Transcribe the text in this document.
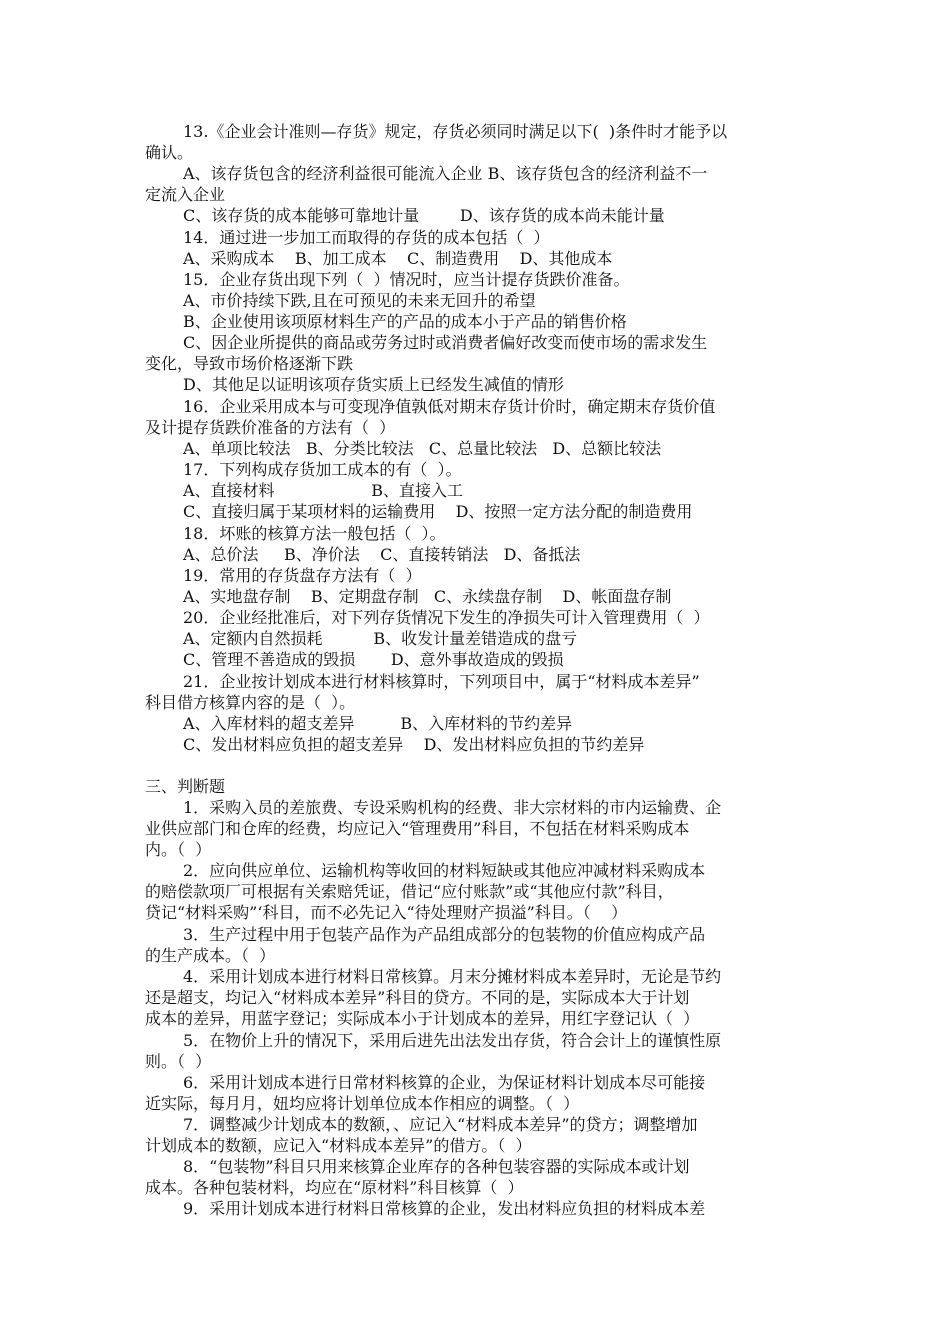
13.《企业会计准则—存货》规定，存货必须同时满足以下(  )条件时才能予以
确认。
A、该存货包含的经济利益很可能流入企业 B、该存货包含的经济利益不一
定流入企业
C、该存货的成本能够可靠地计量        D、该存货的成本尚未能计量
14．通过进一步加工而取得的存货的成本包括（  ）
A、采购成本    B、加工成本    C、制造费用    D、其他成本
15．企业存货出现下列（  ）情况时，应当计提存货跌价准备。
A、市价持续下跌,且在可预见的未来无回升的希望
B、企业使用该项原材料生产的产品的成本小于产品的销售价格
C、因企业所提供的商品或劳务过时或消费者偏好改变而使市场的需求发生
变化，导致市场价格逐渐下跌
D、其他足以证明该项存货实质上已经发生减值的情形
16．企业采用成本与可变现净值孰低对期末存货计价时，确定期末存货价值
及计提存货跌价准备的方法有（  ）
A、单项比较法   B、分类比较法   C、总量比较法   D、总额比较法
17．下列构成存货加工成本的有（  ）。
A、直接材料                   B、直接入工
C、直接归属于某项材料的运输费用    D、按照一定方法分配的制造费用
18．坏账的核算方法一般包括（  ）。
A、总价法     B、净价法    C、直接转销法   D、备抵法
19．常用的存货盘存方法有（  ）
A、实地盘存制    B、定期盘存制   C、永续盘存制    D、帐面盘存制
20．企业经批准后，对下列存货情况下发生的净损失可计入管理费用（  ）
A、定额内自然损耗          B、收发计量差错造成的盘亏
C、管理不善造成的毁损       D、意外事故造成的毁损
21．企业按计划成本进行材料核算时，下列项目中，属于“材料成本差异”
科目借方核算内容的是（  ）。
A、入库材料的超支差异         B、入库材料的节约差异
C、发出材料应负担的超支差异    D、发出材料应负担的节约差异
三、判断题
1．采购入员的差旅费、专设采购机构的经费、非大宗材料的市内运输费、企
业供应部门和仓库的经费，均应记入“管理费用”科目，不包括在材料采购成本
内。（  ）
2．应向供应单位、运输机构等收回的材料短缺或其他应冲减材料采购成本
的赔偿款项厂可根据有关索赔凭证，借记“应付账款”或“其他应付款”科目，
贷记“材料采购”‘科目，而不必先记入“待处理财产损溢”科目。（    ）
3．生产过程中用于包装产品作为产品组成部分的包装物的价值应构成产品
的生产成本。（  ）
4．采用计划成本进行材料日常核算。月末分摊材料成本差异时，无论是节约
还是超支，均记入“材料成本差异”科目的贷方。不同的是，实际成本大于计划
成本的差异，用蓝字登记；实际成本小于计划成本的差异，用红字登记认（  ）
5．在物价上升的情况下，采用后进先出法发出存货，符合会计上的谨慎性原
则。（  ）
6．采用计划成本进行日常材料核算的企业，为保证材料计划成本尽可能接
近实际，每月月，妞均应将计划单位成本作相应的调整。（  ）
7．调整减少计划成本的数额，、应记入“材料成本差异”的贷方；调整增加
计划成本的数额，应记入“材料成本差异”的借方。（  ）
8．“包装物”科目只用来核算企业库存的各种包装容器的实际成本或计划
成本。各种包装材料，均应在“原材料”科目核算（  ）
9．采用计划成本进行材料日常核算的企业，发出材料应负担的材料成本差
